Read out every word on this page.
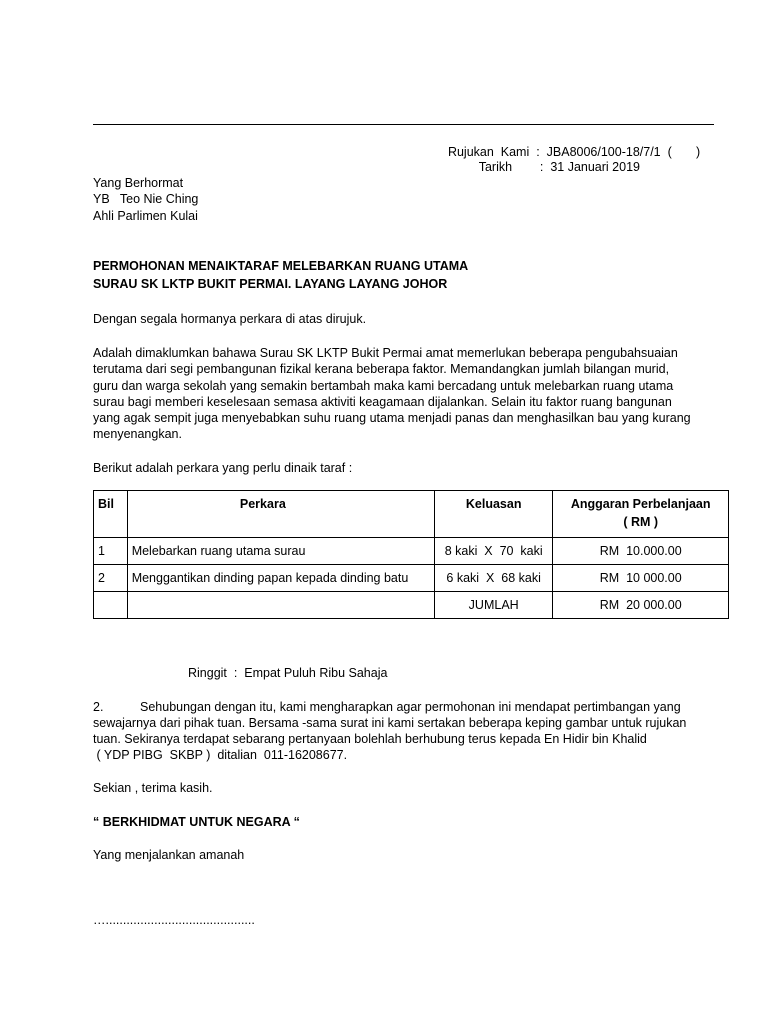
Rujukan  Kami : JBA8006/100-18/7/1  (       )

Tarikh : 31 Januari 2019

Yang Berhormat
YB   Teo Nie Ching
Ahli Parlimen Kulai
PERMOHONAN MENAIKTARAF MELEBARKAN RUANG UTAMA
SURAU SK LKTP BUKIT PERMAI. LAYANG LAYANG JOHOR
Dengan segala hormanya perkara di atas dirujuk.
Adalah dimaklumkan bahawa Surau SK LKTP Bukit Permai amat memerlukan beberapa pengubahsuaian
terutama dari segi pembangunan fizikal kerana beberapa faktor. Memandangkan jumlah bilangan murid,
guru dan warga sekolah yang semakin bertambah maka kami bercadang untuk melebarkan ruang utama
surau bagi memberi keselesaan semasa aktiviti keagamaan dijalankan. Selain itu faktor ruang bangunan
yang agak sempit juga menyebabkan suhu ruang utama menjadi panas dan menghasilkan bau yang kurang
menyenangkan.
Berikut adalah perkara yang perlu dinaik taraf :
Bil	Perkara	Keluasan	Anggaran Perbelanjaan
( RM )

1	Melebarkan ruang utama surau	8 kaki  X  70  kaki	RM  10.000.00
2	Menggantikan dinding papan kepada dinding batu	6 kaki  X  68 kaki	RM  10 000.00
		JUMLAH	RM  20 000.00
Ringgit  :  Empat Puluh Ribu Sahaja
2.	Sehubungan dengan itu, kami mengharapkan agar permohonan ini mendapat pertimbangan yang
sewajarnya dari pihak tuan. Bersama -sama surat ini kami sertakan beberapa keping gambar untuk rujukan
tuan. Sekiranya terdapat sebarang pertanyaan bolehlah berhubung terus kepada En Hidir bin Khalid
( YDP PIBG  SKBP )  ditalian  011-16208677.
Sekian , terima kasih.
“ BERKHIDMAT UNTUK NEGARA “
Yang menjalankan amanah
…...........................................
